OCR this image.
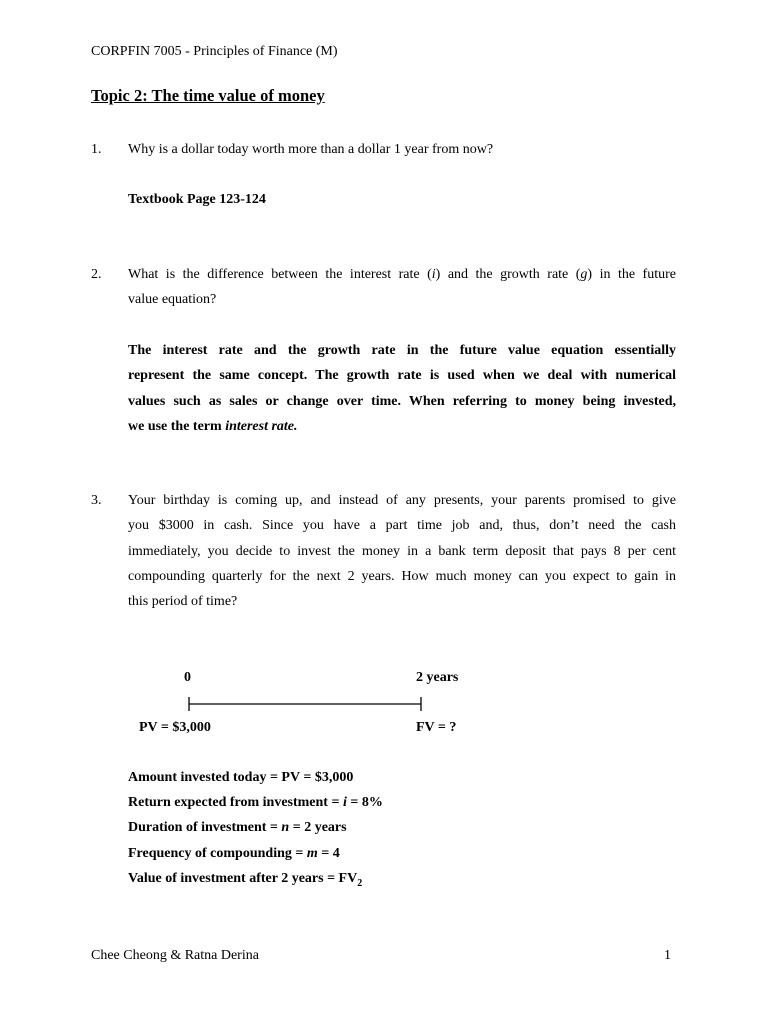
CORPFIN 7005 - Principles of Finance (M)
Topic 2: The time value of money
1. Why is a dollar today worth more than a dollar 1 year from now?
Textbook Page 123-124
2. What is the difference between the interest rate (i) and the growth rate (g) in the future
value equation?
The interest rate and the growth rate in the future value equation essentially
represent the same concept. The growth rate is used when we deal with numerical
values such as sales or change over time. When referring to money being invested,
we use the term interest rate.
3. Your birthday is coming up, and instead of any presents, your parents promised to give
you $3000 in cash. Since you have a part time job and, thus, don’t need the cash
immediately, you decide to invest the money in a bank term deposit that pays 8 per cent
compounding quarterly for the next 2 years. How much money can you expect to gain in
this period of time?
0	2 years
PV = $3,000	FV = ?
Amount invested today = PV = $3,000
Return expected from investment = i = 8%
Duration of investment = n = 2 years
Frequency of compounding = m = 4
Value of investment after 2 years = $FV_2$
Chee Cheong & Ratna Derina	1
